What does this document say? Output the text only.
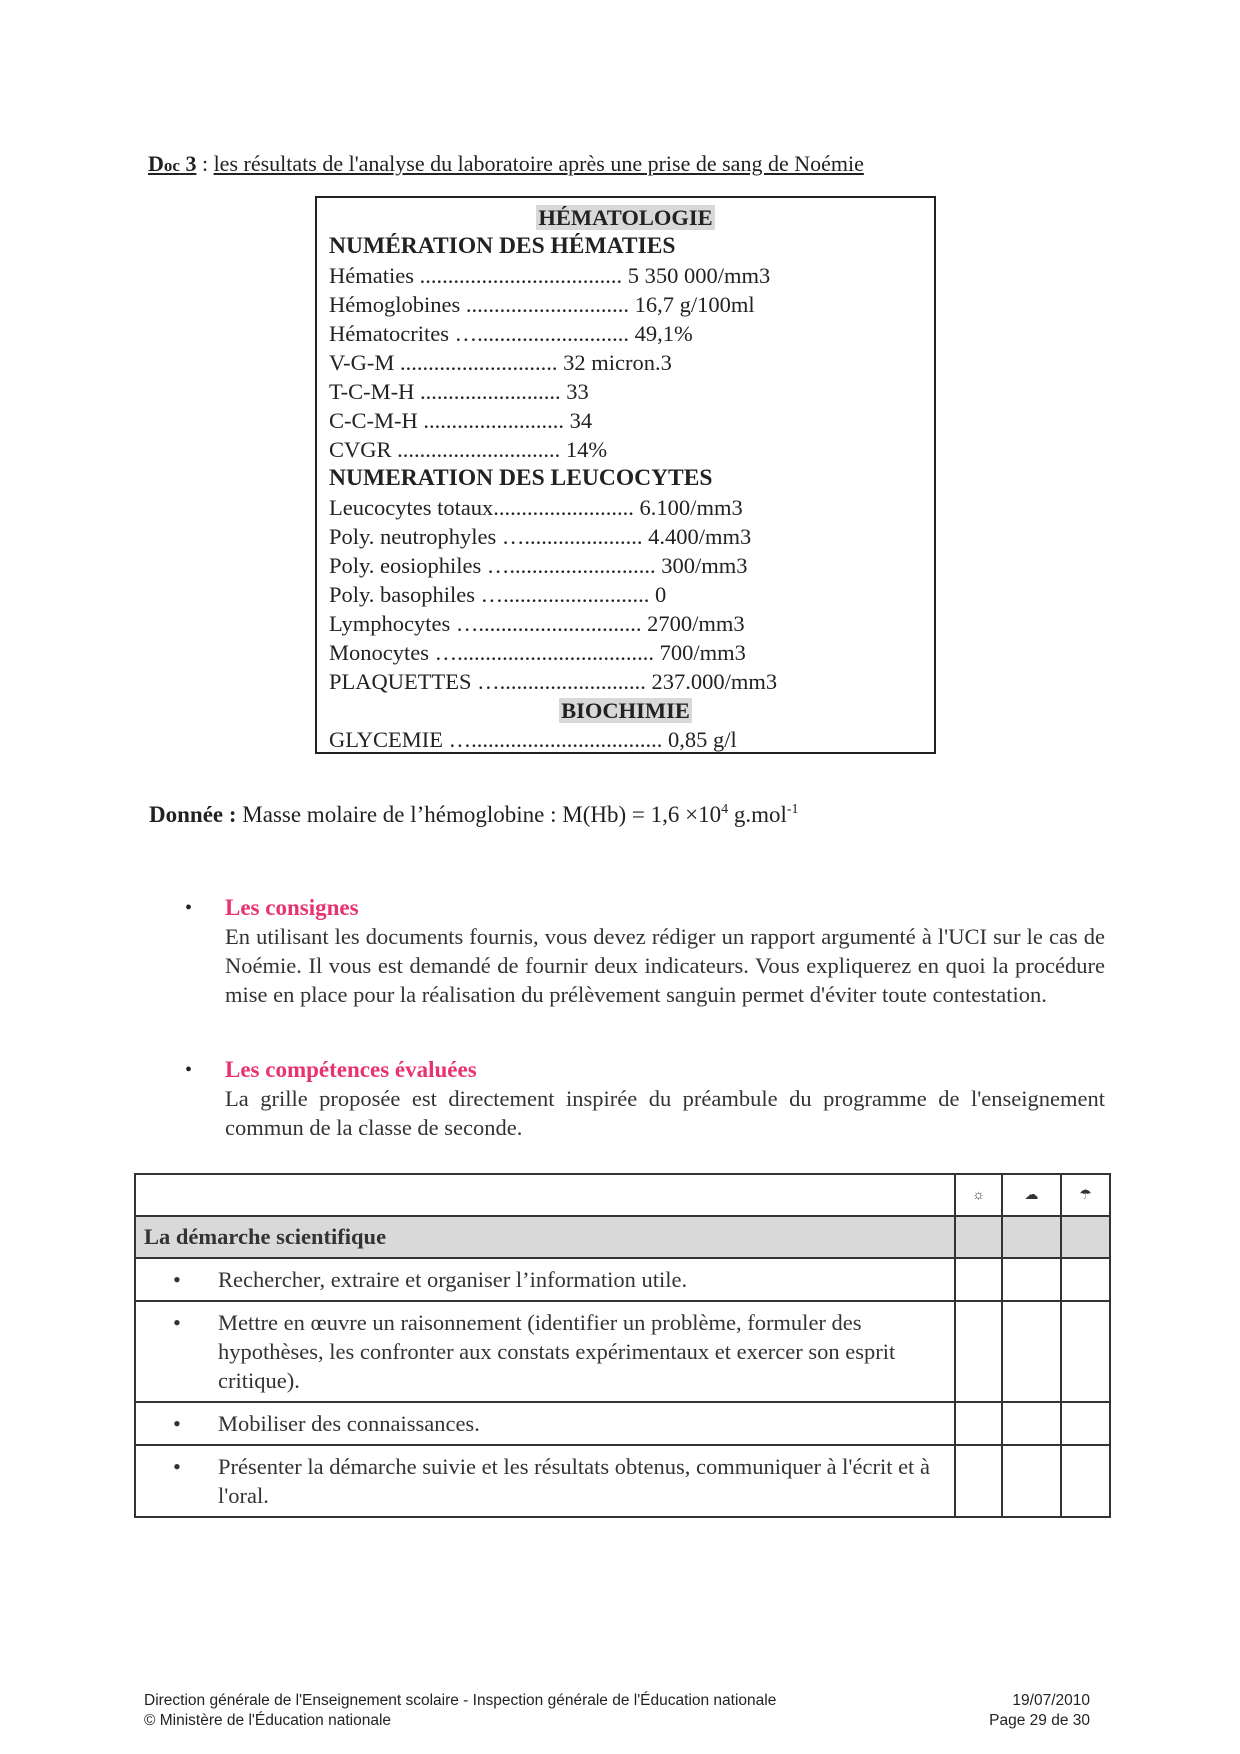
Doc 3 : les résultats de l'analyse du laboratoire après une prise de sang de Noémie
HÉMATOLOGIE
NUMÉRATION DES HÉMATIES
Hématies .................................... 5 350 000/mm3
Hémoglobines ............................. 16,7 g/100ml
Hématocrites …........................... 49,1%
V-G-M ............................ 32 micron.3
T-C-M-H ......................... 33
C-C-M-H ......................... 34
CVGR ............................. 14%
NUMERATION DES LEUCOCYTES
Leucocytes totaux......................... 6.100/mm3
Poly. neutrophyles …..................... 4.400/mm3
Poly. eosiophiles ….......................... 300/mm3
Poly. basophiles ….......................... 0
Lymphocytes …............................. 2700/mm3
Monocytes …................................... 700/mm3
PLAQUETTES ….......................... 237.000/mm3
BIOCHIMIE
GLYCEMIE ….................................. 0,85 g/l
Donnée : Masse molaire de l’hémoglobine : $M(Hb) = 1,6 \times 10^4$ g.mol$^{-1}$
• Les consignes
En utilisant les documents fournis, vous devez rédiger un rapport argumenté à l'UCI sur le cas de Noémie. Il vous est demandé de fournir deux indicateurs. Vous expliquerez en quoi la procédure mise en place pour la réalisation du prélèvement sanguin permet d'éviter toute contestation.
• Les compétences évaluées
La grille proposée est directement inspirée du préambule du programme de l'enseignement commun de la classe de seconde.
	☼	☁	☂
La démarche scientifique			

• Rechercher, extraire et organiser l’information utile.			

• Mettre en œuvre un raisonnement (identifier un problème, formuler des hypothèses, les confronter aux constats expérimentaux et exercer son esprit critique).			

• Mobiliser des connaissances.			

• Présenter la démarche suivie et les résultats obtenus, communiquer à l'écrit et à l'oral.			

Direction générale de l'Enseignement scolaire - Inspection générale de l'Éducation nationale
© Ministère de l'Éducation nationale
19/07/2010
Page 29 de 30
